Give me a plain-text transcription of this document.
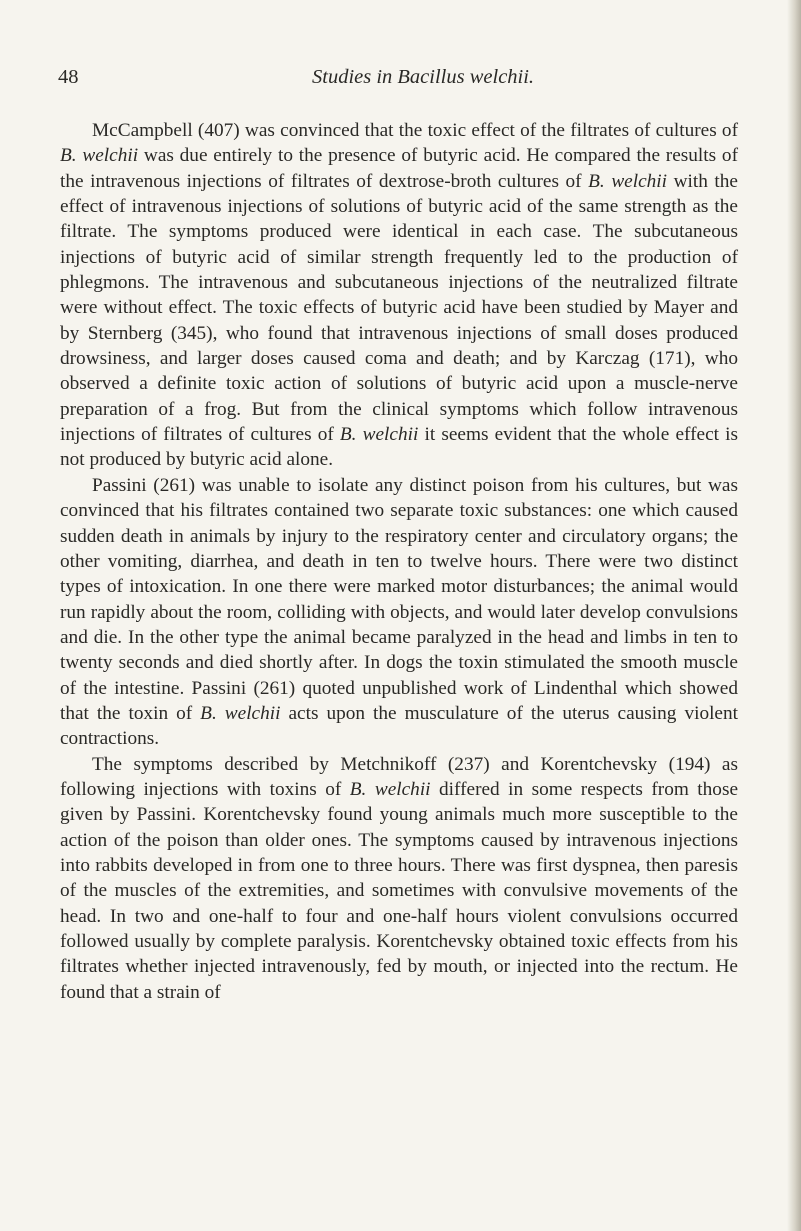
48	Studies in Bacillus welchii.

McCampbell (407) was convinced that the toxic effect of the filtrates of cultures of B. welchii was due entirely to the presence of butyric acid. He compared the results of the intravenous injections of filtrates of dextrose-broth cultures of B. welchii with the effect of intravenous injections of solutions of butyric acid of the same strength as the filtrate. The symptoms produced were identical in each case. The subcutaneous injections of butyric acid of similar strength frequently led to the production of phlegmons. The intravenous and subcutaneous injections of the neutralized filtrate were without effect. The toxic effects of butyric acid have been studied by Mayer and by Sternberg (345), who found that intravenous injections of small doses produced drowsiness, and larger doses caused coma and death; and by Karczag (171), who observed a definite toxic action of solutions of butyric acid upon a muscle-nerve preparation of a frog. But from the clinical symptoms which follow intravenous injections of filtrates of cultures of B. welchii it seems evident that the whole effect is not produced by butyric acid alone.

Passini (261) was unable to isolate any distinct poison from his cultures, but was convinced that his filtrates contained two separate toxic substances: one which caused sudden death in animals by injury to the respiratory center and circulatory organs; the other vomiting, diarrhea, and death in ten to twelve hours. There were two distinct types of intoxication. In one there were marked motor disturbances; the animal would run rapidly about the room, colliding with objects, and would later develop convulsions and die. In the other type the animal became paralyzed in the head and limbs in ten to twenty seconds and died shortly after. In dogs the toxin stimulated the smooth muscle of the intestine. Passini (261) quoted unpublished work of Lindenthal which showed that the toxin of B. welchii acts upon the musculature of the uterus causing violent contractions.

The symptoms described by Metchnikoff (237) and Korentchevsky (194) as following injections with toxins of B. welchii differed in some respects from those given by Passini. Korentchevsky found young animals much more susceptible to the action of the poison than older ones. The symptoms caused by intravenous injections into rabbits developed in from one to three hours. There was first dyspnea, then paresis of the muscles of the extremities, and sometimes with convulsive movements of the head. In two and one-half to four and one-half hours violent convulsions occurred followed usually by complete paralysis. Korentchevsky obtained toxic effects from his filtrates whether injected intravenously, fed by mouth, or injected into the rectum. He found that a strain of
